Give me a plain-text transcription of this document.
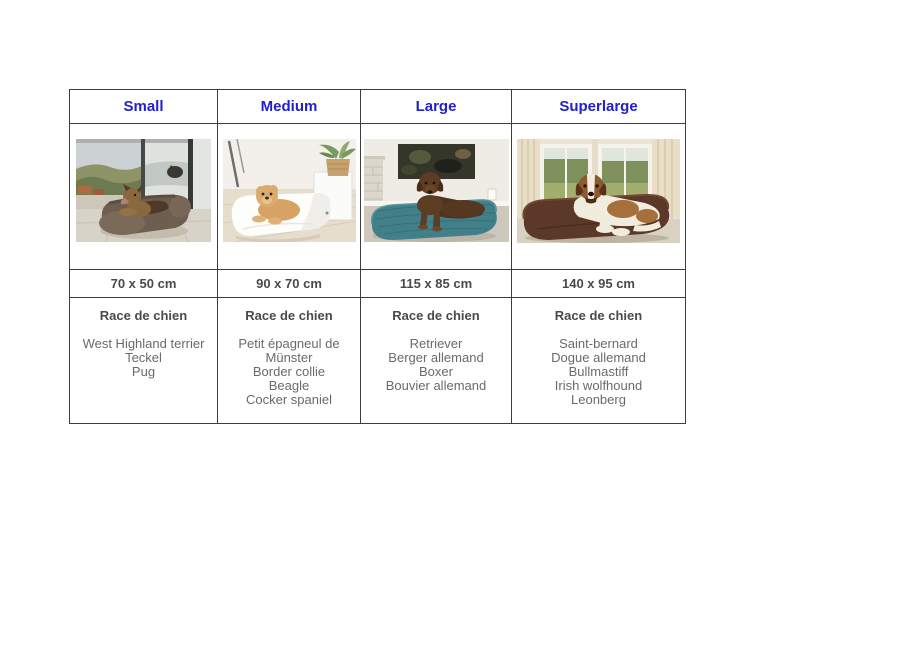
Small	Medium	Large	Superlarge

70 x 50 cm	90 x 70 cm	115 x 85 cm	140 x 95 cm

Race de chien
West Highland terrier
Teckel
Pug

Race de chien
Petit épagneul de Münster
Border collie
Beagle
Cocker spaniel

Race de chien
Retriever
Berger allemand
Boxer
Bouvier allemand

Race de chien
Saint-bernard
Dogue allemand
Bullmastiff
Irish wolfhound
Leonberg
